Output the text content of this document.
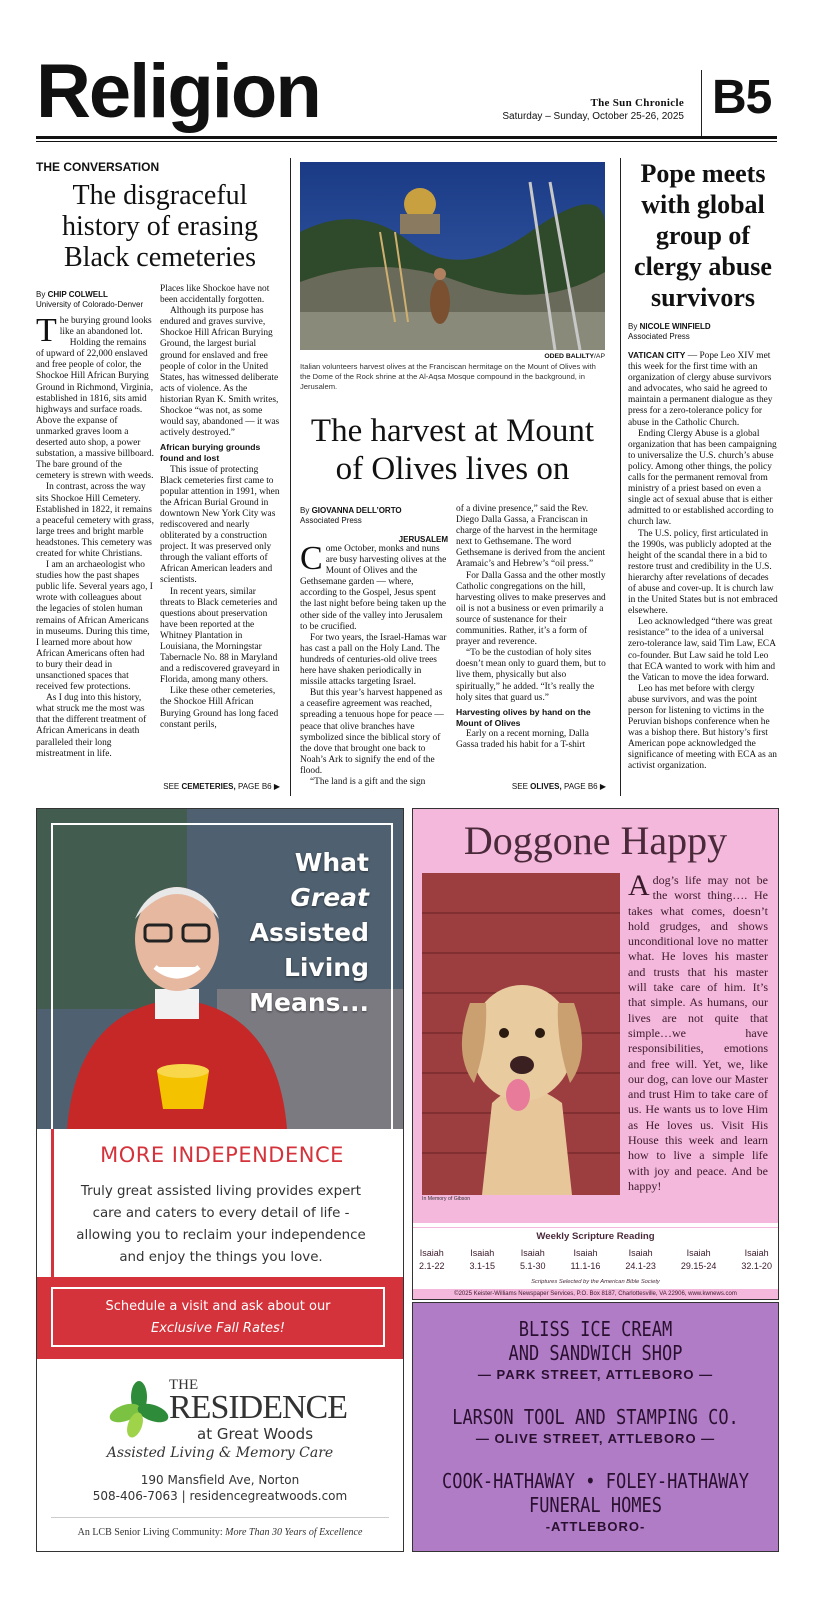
Religion	The Sun Chronicle
Saturday – Sunday, October 25-26, 2025 B5
THE CONVERSATION
The disgraceful history of erasing Black cemeteries
By CHIP COLWELL
University of Colorado-Denver

The burying ground looks like an abandoned lot.

Holding the remains of upward of 22,000 enslaved and free people of color, the Shockoe Hill African Burying Ground in Richmond, Virginia, established in 1816, sits amid highways and surface roads. Above the expanse of unmarked graves loom a deserted auto shop, a power substation, a massive billboard. The bare ground of the cemetery is strewn with weeds.

In contrast, across the way sits Shockoe Hill Cemetery. Established in 1822, it remains a peaceful cemetery with grass, large trees and bright marble headstones. This cemetery was created for white Christians.

I am an archaeologist who studies how the past shapes public life. Several years ago, I wrote with colleagues about the legacies of stolen human remains of African Americans in museums. During this time, I learned more about how African Americans often had to bury their dead in unsanctioned spaces that received few protections.

As I dug into this history, what struck me the most was that the different treatment of African Americans in death paralleled their long mistreatment in life.

Places like Shockoe have not been accidentally forgotten.

Although its purpose has endured and graves survive, Shockoe Hill African Burying Ground, the largest burial ground for enslaved and free people of color in the United States, has witnessed deliberate acts of violence. As the historian Ryan K. Smith writes, Shockoe “was not, as some would say, abandoned — it was actively destroyed.”

African burying grounds found and lost

This issue of protecting Black cemeteries first came to popular attention in 1991, when the African Burial Ground in downtown New York City was rediscovered and nearly obliterated by a construction project. It was preserved only through the valiant efforts of African American leaders and scientists.

In recent years, similar threats to Black cemeteries and questions about preservation have been reported at the Whitney Plantation in Louisiana, the Morningstar Tabernacle No. 88 in Maryland and a rediscovered graveyard in Florida, among many others.

Like these other cemeteries, the Shockoe Hill African Burying Ground has long faced constant perils,

SEE CEMETERIES, PAGE B6 ▶
ODED BALILTY/AP
Italian volunteers harvest olives at the Franciscan hermitage on the Mount of Olives with the Dome of the Rock shrine at the Al-Aqsa Mosque compound in the background, in Jerusalem.
The harvest at Mount of Olives lives on
By GIOVANNA DELL’ORTO
Associated Press
JERUSALEM

Come October, monks and nuns are busy harvesting olives at the Mount of Olives and the Gethsemane garden — where, according to the Gospel, Jesus spent the last night before being taken up the other side of the valley into Jerusalem to be crucified.

For two years, the Israel-Hamas war has cast a pall on the Holy Land. The hundreds of centuries-old olive trees here have shaken periodically in missile attacks targeting Israel.

But this year’s harvest happened as a ceasefire agreement was reached, spreading a tenuous hope for peace — peace that olive branches have symbolized since the biblical story of the dove that brought one back to Noah’s Ark to signify the end of the flood.

“The land is a gift and the sign

of a divine presence,” said the Rev. Diego Dalla Gassa, a Franciscan in charge of the harvest in the hermitage next to Gethsemane. The word Gethsemane is derived from the ancient Aramaic’s and Hebrew’s “oil press.”

For Dalla Gassa and the other mostly Catholic congregations on the hill, harvesting olives to make preserves and oil is not a business or even primarily a source of sustenance for their communities. Rather, it’s a form of prayer and reverence.

“To be the custodian of holy sites doesn’t mean only to guard them, but to live them, physically but also spiritually,” he added. “It’s really the holy sites that guard us.”

Harvesting olives by hand on the Mount of Olives

Early on a recent morning, Dalla Gassa traded his habit for a T-shirt

SEE OLIVES, PAGE B6 ▶
Pope meets with global group of clergy abuse survivors
By NICOLE WINFIELD
Associated Press

VATICAN CITY — Pope Leo XIV met this week for the first time with an organization of clergy abuse survivors and advocates, who said he agreed to maintain a permanent dialogue as they press for a zero-tolerance policy for abuse in the Catholic Church.

Ending Clergy Abuse is a global organization that has been campaigning to universalize the U.S. church’s abuse policy. Among other things, the policy calls for the permanent removal from ministry of a priest based on even a single act of sexual abuse that is either admitted to or established according to church law.

The U.S. policy, first articulated in the 1990s, was publicly adopted at the height of the scandal there in a bid to restore trust and credibility in the U.S. hierarchy after revelations of decades of abuse and cover-up. It is church law in the United States but is not embraced elsewhere.

Leo acknowledged “there was great resistance” to the idea of a universal zero-tolerance law, said Tim Law, ECA co-founder. But Law said he told Leo that ECA wanted to work with him and the Vatican to move the idea forward.

Leo has met before with clergy abuse survivors, and was the point person for listening to victims in the Peruvian bishops conference when he was a bishop there. But history’s first American pope acknowledged the significance of meeting with ECA as an activist organization.

What
Great
Assisted
Living
Means...
MORE INDEPENDENCE
Truly great assisted living provides expert care and caters to every detail of life - allowing you to reclaim your independence and enjoy the things you love.
Schedule a visit and ask about our
Exclusive Fall Rates!
THE
RESIDENCE
at Great Woods
Assisted Living & Memory Care
190 Mansfield Ave, Norton
508-406-7063 | residencegreatwoods.com
An LCB Senior Living Community: More Than 30 Years of Excellence
Doggone Happy
In Memory of Gibson
A dog’s life may not be the worst thing…. He takes what comes, doesn’t hold grudges, and shows unconditional love no matter what. He loves his master and trusts that his master will take care of him. It’s that simple. As humans, our lives are not quite that simple…we have responsibilities, emotions and free will. Yet, we, like our dog, can love our Master and trust Him to take care of us. He wants us to love Him as He loves us. Visit His House this week and learn how to live a simple life with joy and peace. And be happy!
Weekly Scripture Reading
Isaiah
2.1-22
Isaiah
3.1-15
Isaiah
5.1-30
Isaiah
11.1-16
Isaiah
24.1-23
Isaiah
29.15-24
Isaiah
32.1-20
Scriptures Selected by the American Bible Society
©2025 Keister-Williams Newspaper Services, P.O. Box 8187, Charlottesville, VA 22906, www.kwnews.com
BLISS ICE CREAM
AND SANDWICH SHOP
— PARK STREET, ATTLEBORO —
LARSON TOOL AND STAMPING CO.
— OLIVE STREET, ATTLEBORO —
COOK-HATHAWAY • FOLEY-HATHAWAY
FUNERAL HOMES
-ATTLEBORO-
